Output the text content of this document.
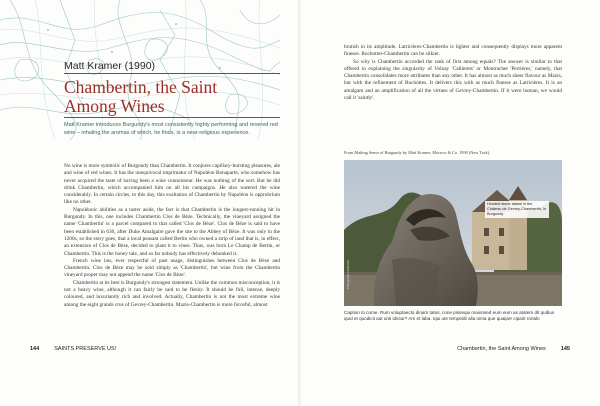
Matt Kramer (1990)
Chambertin, the Saint
Among Wines
Matt Kramer introduces Burgundy's most consistently highly performing and revered red wine – inhaling the aromas of which, he finds, is a near-religious experience.

No wine is more symbolic of Burgundy than Chambertin. It conjures capillary-bursting pleasures, ale and wine of red wines. It has the unequivocal imprimatur of Napoléon Bonaparte, who somehow has never acquired the taste of having been a wine connoisseur. He was nothing of the sort. But he did drink Chambertin, which accompanied him on all his campaigns. He also watered the wine considerably. In certain circles, to this day, this exaltation of Chambertin by Napoléon is opprobrium like no other.

Napoléonic abilities as a taster aside, the fact is that Chambertin is the longest-running hit in Burgundy. In this, one includes Chambertin Clos de Bèze. Technically, the vineyard assigned the name 'Chambertin' is a parcel compared to that called 'Clos de Bèze'. Clos de Bèze is said to have been established in 630, after Duke Amalgaire gave the site to the Abbey of Bèze. It was only in the 1200s, so the story goes, that a local peasant called Bertin who owned a strip of land that is, in effect, an extension of Clos de Bèze, decided to plant it to vines. Thus, was born Le Champ de Bertin, or Chambertin. This is the honey tale, and so far nobody has effectively debunked it.

French wine law, ever respectful of past usage, distinguishes between Clos de Bèze and Chambertin. Clos de Bèze may be sold simply as 'Chambertin', but wine from the Chambertin vineyard proper may not append the name 'Clos de Bèze'.

Chambertin at its best is Burgundy's strongest statement. Unlike the common misconception, it is not a heavy wine, although it can fairly be said to be fleshy. It should be full, intense, deeply coloured, and luxuriantly rich and involved. Actually, Chambertin is not the most extreme wine among the eight grands crus of Gevrey-Chambertin. Mazis-Chambertin is more forceful, almost

144	SAINTS PRESERVE US!

brutish in its amplitude. Latricières-Chambertin is lighter and consequently displays more apparent finesse. Ruchottes-Chambertin can be silkier.

So why is Chambertin accorded the rank of first among equals? The answer is similar to that offered in explaining the singularity of Volnay 'Caillerets' or Montrachet 'Perrières,' namely, that Chambertin consolidates more attributes than any other. It has almost as much sheer flavour as Mazis, but with the refinement of Ruchottes. It delivers this with as much finesse as Latricières. It is an amalgam and an amplification of all the virtues of Gevrey-Chambertin. If it were human, we would call it 'saintly'.

From Making Sense of Burgundy by Matt Kramer, Morrow & Co. 1990 (New York).
Photograph credit line
Hooded stone statue in the Château de Gevrey-Chambertin, in Burgundy
Caption to come. Rum voluptaecto dinam tatus, cone pissequi maionsed eum eum as atatem dit quibus quid et quodicit aut unti idictur? Am et laba. Iqui ute tempedit alia nima que quaiper ciparit rorialo
Chambertin, the Saint Among Wines	145
